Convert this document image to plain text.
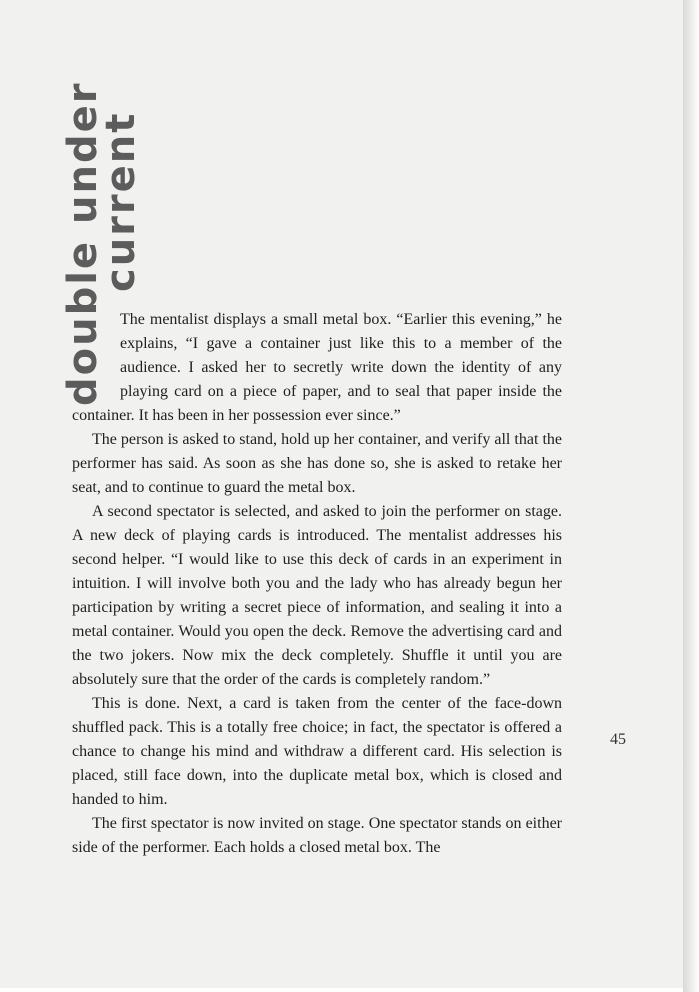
double under
current

The mentalist displays a small metal box. “Earlier this evening,” he explains, “I gave a container just like this to a member of the audience. I asked her to secretly write down the identity of any playing card on a piece of paper, and to seal that paper inside the container. It has been in her possession ever since.”

The person is asked to stand, hold up her container, and verify all that the performer has said. As soon as she has done so, she is asked to retake her seat, and to continue to guard the metal box.

A second spectator is selected, and asked to join the performer on stage. A new deck of playing cards is introduced. The mentalist addresses his second helper. “I would like to use this deck of cards in an experiment in intuition. I will involve both you and the lady who has already begun her participation by writing a secret piece of information, and sealing it into a metal container. Would you open the deck. Remove the advertising card and the two jokers. Now mix the deck completely. Shuffle it until you are absolutely sure that the order of the cards is completely random.”

This is done. Next, a card is taken from the center of the face-down shuffled pack. This is a totally free choice; in fact, the spectator is offered a chance to change his mind and withdraw a different card. His selection is placed, still face down, into the duplicate metal box, which is closed and handed to him.

The first spectator is now invited on stage. One spectator stands on either side of the performer. Each holds a closed metal box. The

45
